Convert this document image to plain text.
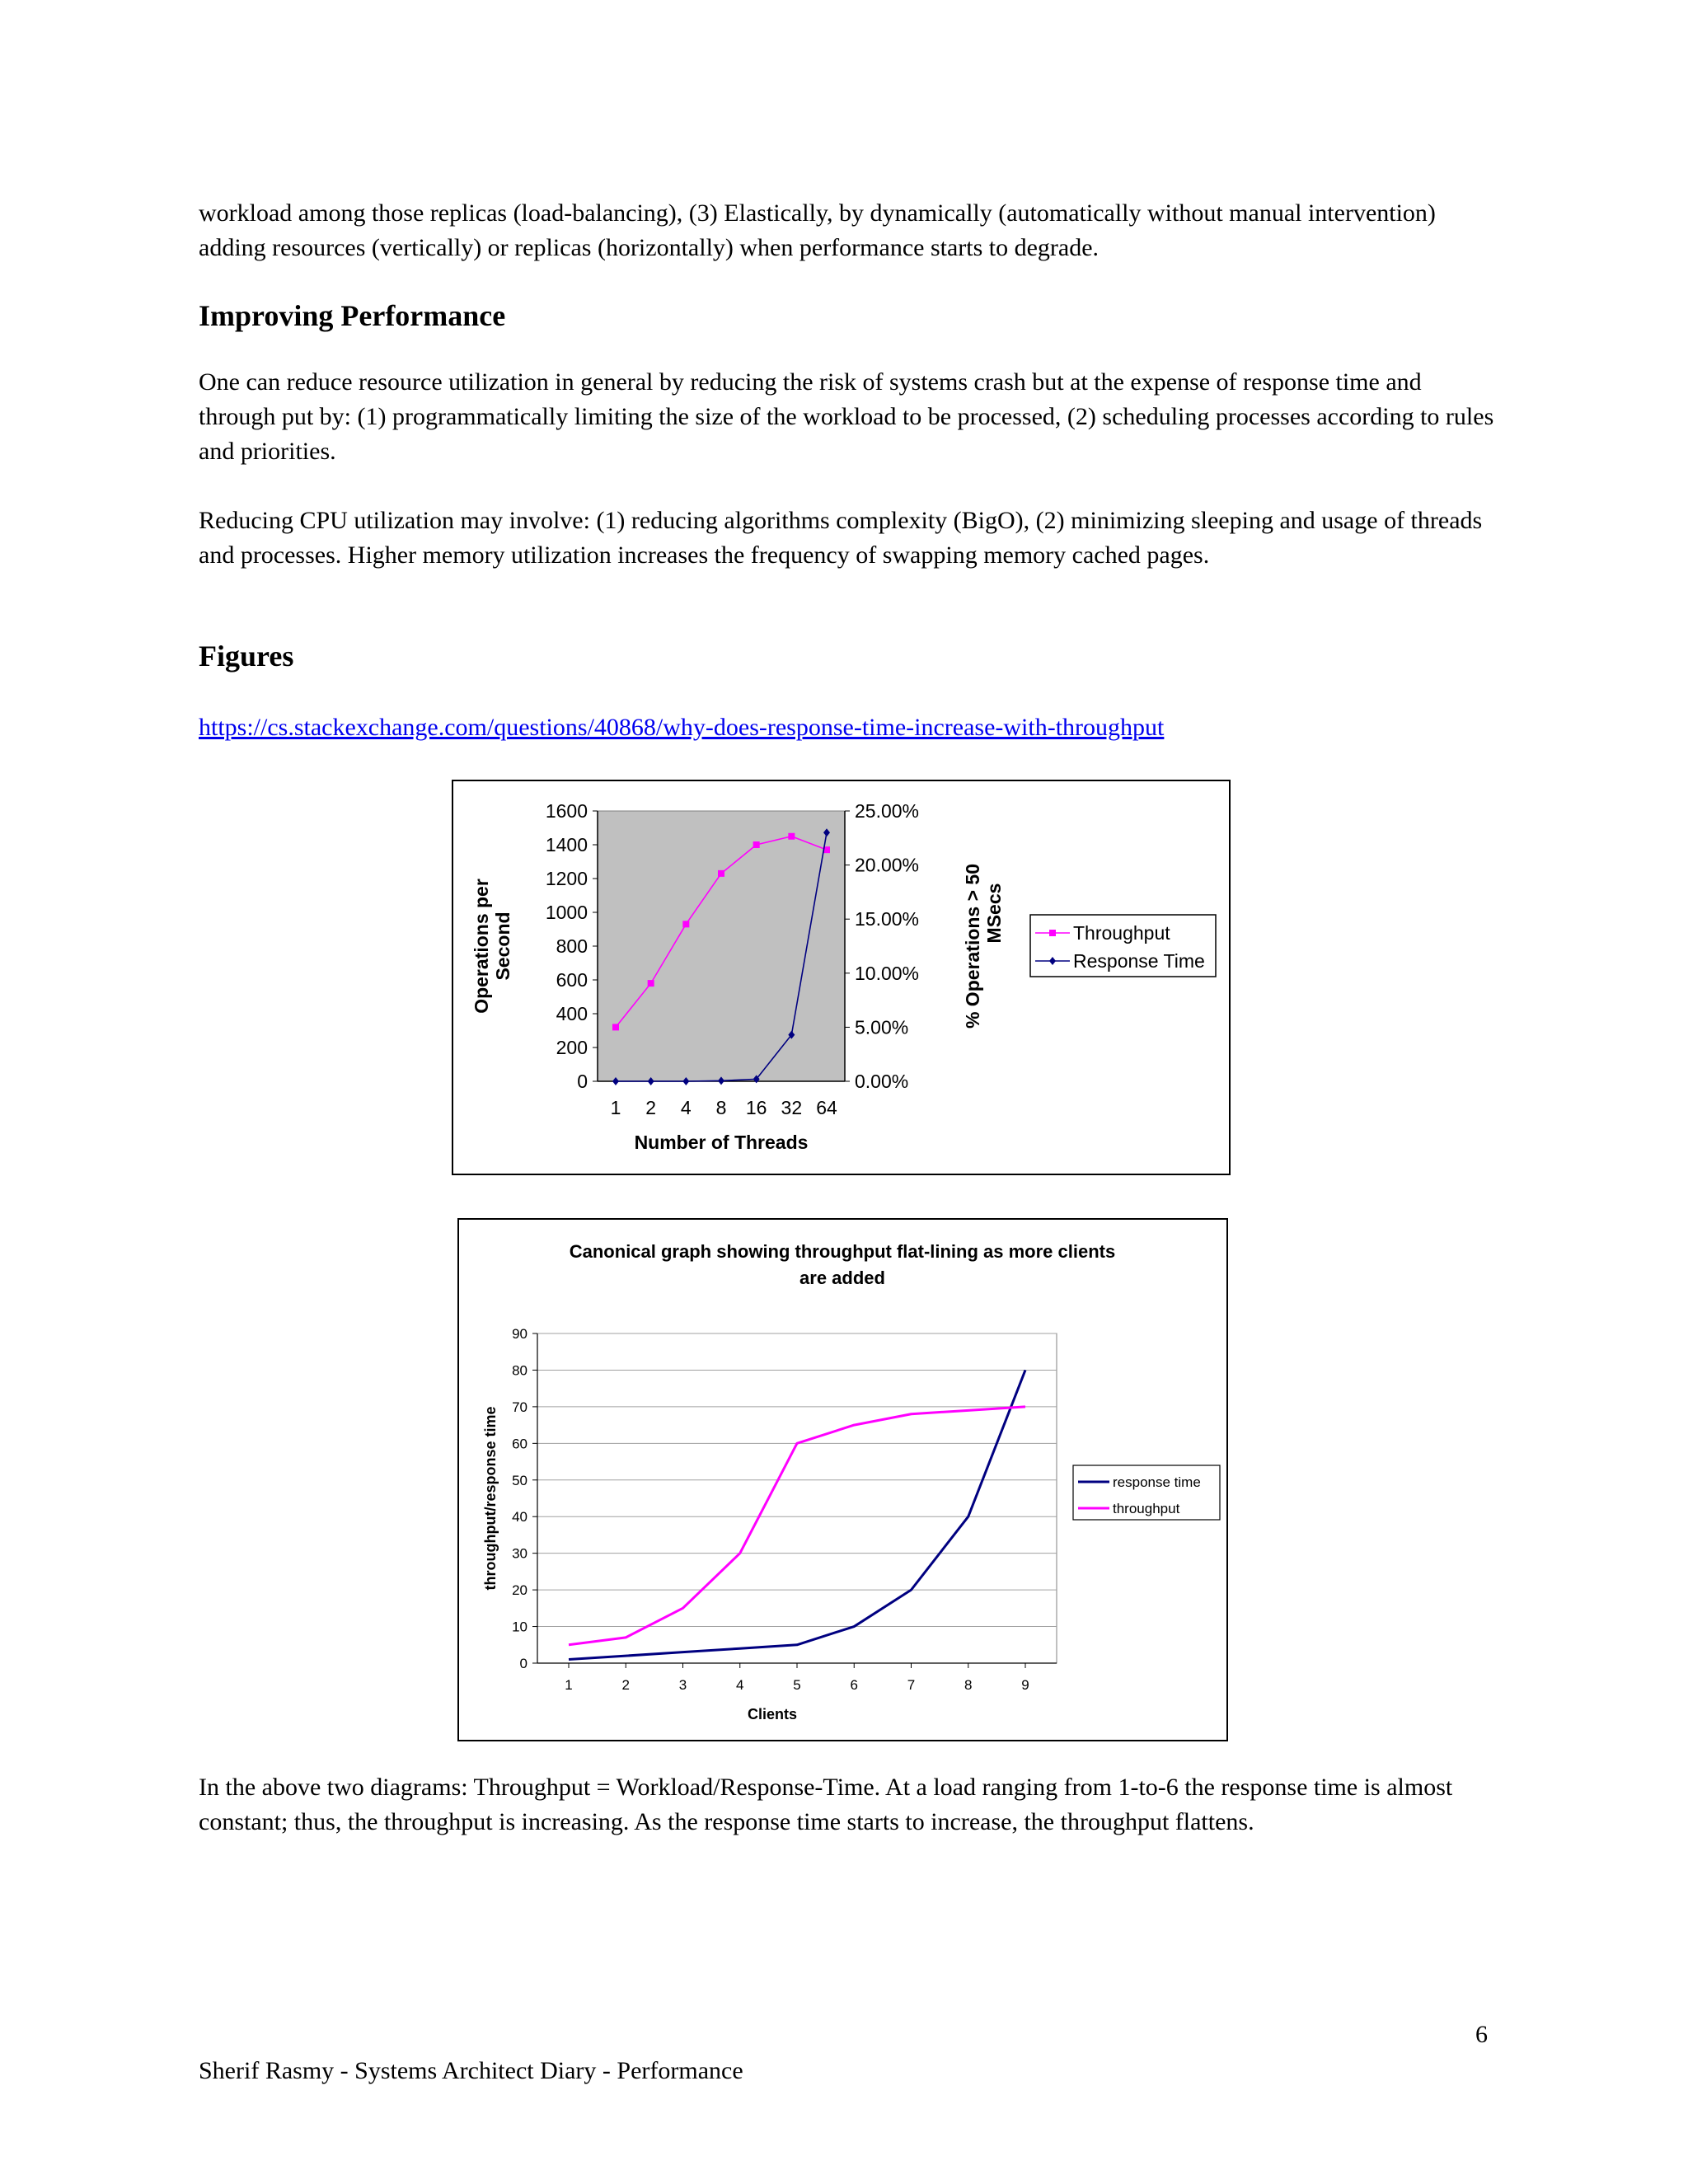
workload among those replicas (load-balancing), (3) Elastically, by dynamically (automatically without manual intervention) adding resources (vertically) or replicas (horizontally) when performance starts to degrade.

Improving Performance

One can reduce resource utilization in general by reducing the risk of systems crash but at the expense of response time and through put by: (1) programmatically limiting the size of the workload to be processed, (2) scheduling processes according to rules and priorities.

Reducing CPU utilization may involve: (1) reducing algorithms complexity (BigO), (2) minimizing sleeping and usage of threads and processes. Higher memory utilization increases the frequency of swapping memory cached pages.

Figures
https://cs.stackexchange.com/questions/40868/why-does-response-time-increase-with-throughput
0
200
400
600
800
1000
1200
1400
1600
0.00%
5.00%
10.00%
15.00%
20.00%
25.00%
1 2 4 8 16 32 64
Number of Threads
Operations per Second	% Operations > 50 MSecs	Throughput
Response Time
Canonical graph showing throughput flat-lining as more clients
are added
0
10
20
30
40
50
60
70
80
90
1	2	3	4	5	6	7	8	9
Clients
throughput/response time	response time
throughput

In the above two diagrams: Throughput = Workload/Response-Time. At a load ranging from 1-to-6 the response time is almost constant; thus, the throughput is increasing. As the response time starts to increase, the throughput flattens.

6
Sherif Rasmy - Systems Architect Diary - Performance
